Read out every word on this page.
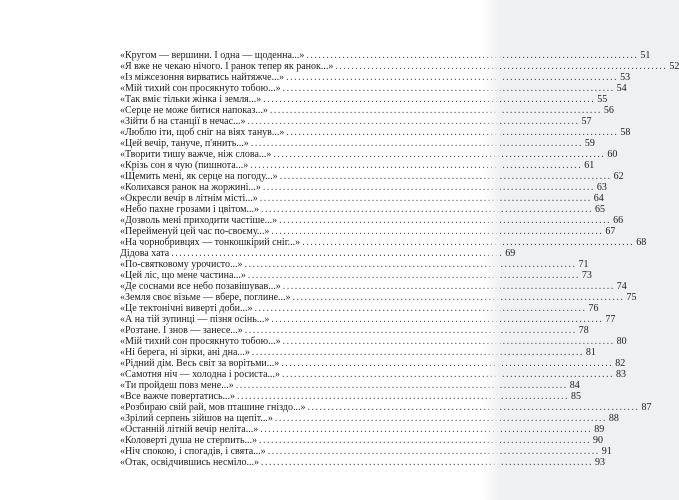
«Кругом — вершини. І одна — щоденна...» . . .	51
«Я вже не чекаю нічого. І ранок тепер як ранок...» . . .	52
«Із міжсезоння вирватись найтяжче...» . . .	53
«Мій тихий сон просякнуто тобою...» . . .	54
«Так вміє тільки жінка і земля...» . . .	55
«Серце не може битися напоказ...» . . .	56
«Зійти б на станції в нечас...» . . .	57
«Люблю іти, щоб сніг на віях танув...» . . .	58
«Цей вечір, тануче, п'янить...» . . .	59
«Творити тишу важче, ніж слова...» . . .	60
«Крізь сон я чую (пишнота...» . . .	61
«Щемить мені, як серце на погоду...» . . .	62
«Колихався ранок на жоржині...» . . .	63
«Окресли вечір в літнім місті...» . . .	64
«Небо пахне грозами і цвітом...» . . .	65
«Дозволь мені приходити частіше...» . . .	66
«Перейменуй цей час по-своєму...» . . .	67
«На чорнобривцях — тонкошкірий сніг...» . . .	68
Дідова хата . . .	69
«По-святковому урочисто...» . . .	71
«Цей ліс, що мене частина...» . . .	73
«Де соснами все небо позавішував...» . . .	74
«Земля своє візьме — вбере, поглине...» . . .	75
«Це тектонічні вивертi доби...» . . .	76
«А на тій зупинці — пізня осінь...» . . .	77
«Розтане. І знов — занесе...» . . .	78
«Мій тихий сон просякнуто тобою...» . . .	80
«Ні берега, ні зірки, ані дна...» . . .	81
«Рідний дім. Весь світ за ворітьми...» . . .	82
«Самотня ніч — холодна і росиста...» . . .	83
«Ти пройдеш повз мене...» . . .	84
«Все важче повертатись...» . . .	85
«Розбираю свій рай, мов пташине гніздо...» . . .	87
«Зрілий серпень зійшов на щепіт...» . . .	88
«Останній літній вечір неліта...» . . .	89
«Коловерті душа не стерпить...» . . .	90
«Ніч спокою, і спогадів, і свята...» . . .	91
«Отак, освідчившись несміло...» . . .	93
